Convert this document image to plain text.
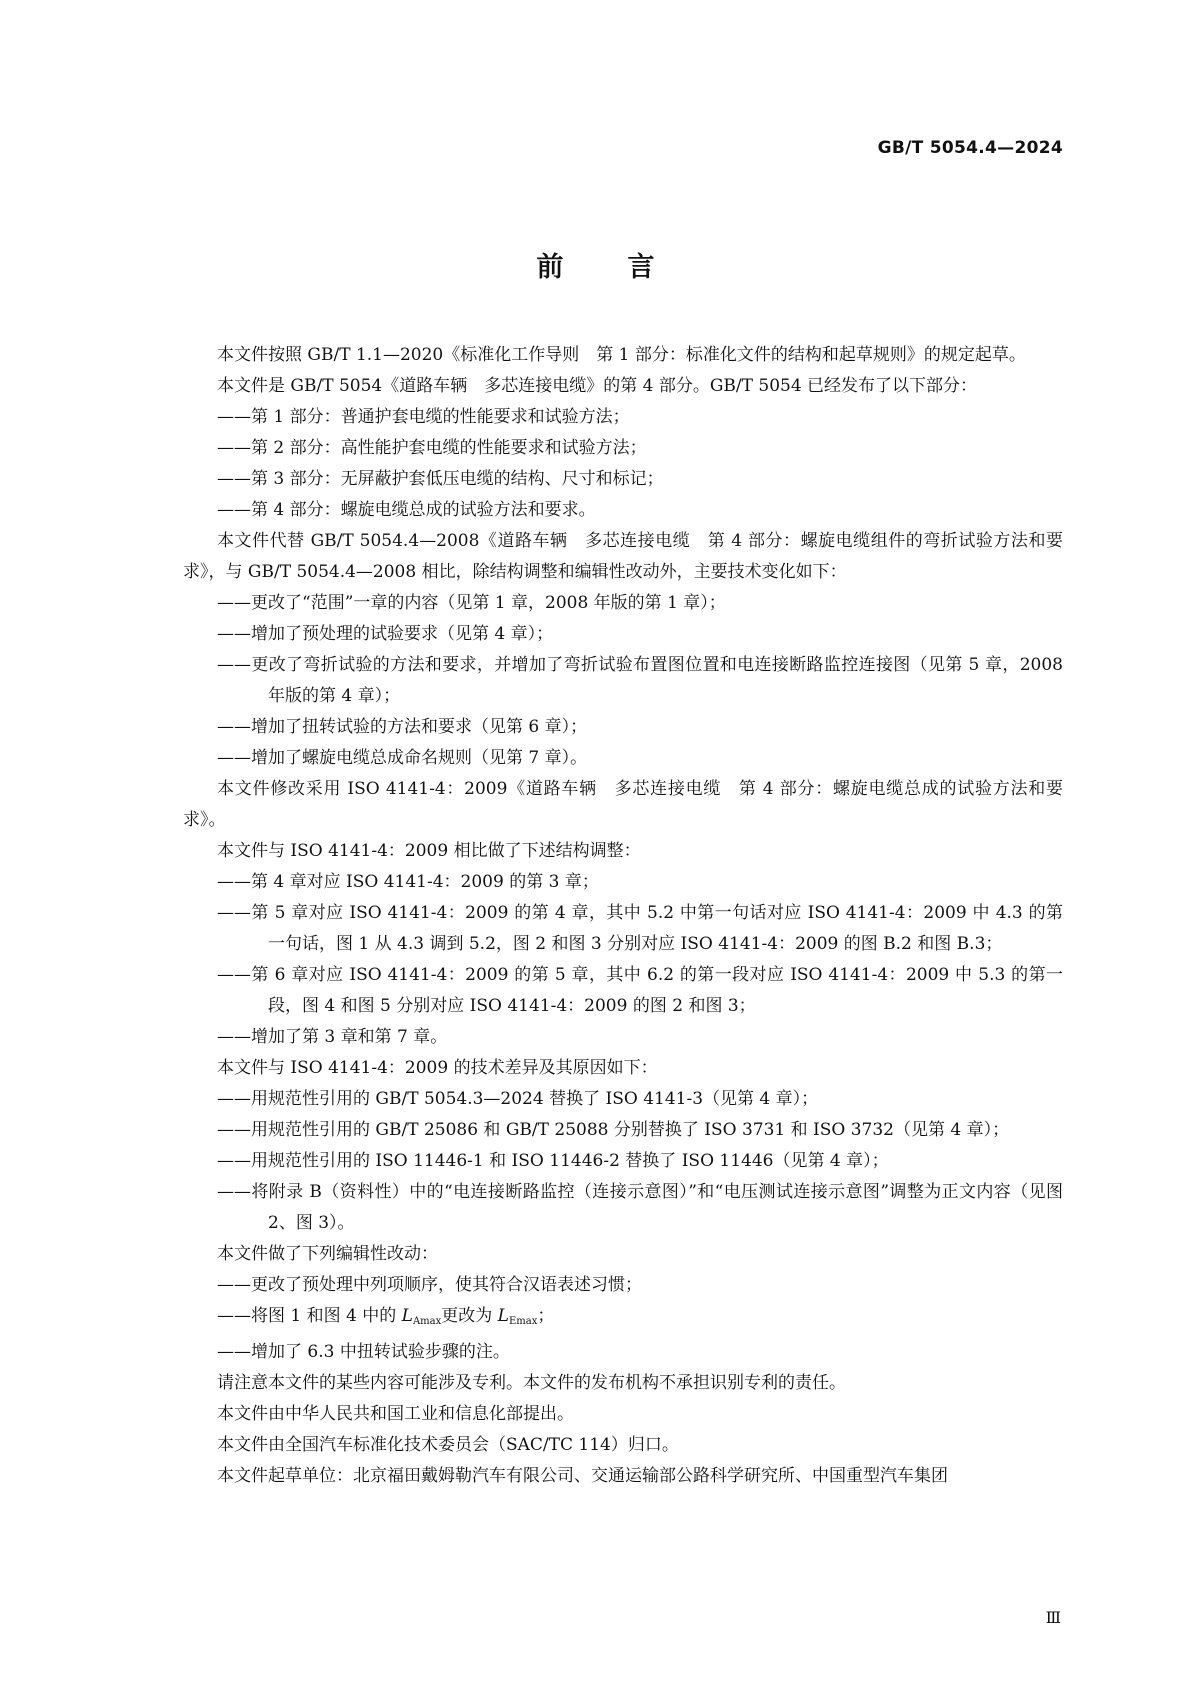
GB/T 5054.4—2024
前 言

本文件按照 GB/T 1.1—2020《标准化工作导则　第 1 部分：标准化文件的结构和起草规则》的规定起草。

本文件是 GB/T 5054《道路车辆　多芯连接电缆》的第 4 部分。GB/T 5054 已经发布了以下部分：

——第 1 部分：普通护套电缆的性能要求和试验方法；

——第 2 部分：高性能护套电缆的性能要求和试验方法；

——第 3 部分：无屏蔽护套低压电缆的结构、尺寸和标记；

——第 4 部分：螺旋电缆总成的试验方法和要求。

本文件代替 GB/T 5054.4—2008《道路车辆　多芯连接电缆　第 4 部分：螺旋电缆组件的弯折试验方法和要求》，与 GB/T 5054.4—2008 相比，除结构调整和编辑性改动外，主要技术变化如下：

——更改了“范围”一章的内容（见第 1 章，2008 年版的第 1 章）；

——增加了预处理的试验要求（见第 4 章）；

——更改了弯折试验的方法和要求，并增加了弯折试验布置图位置和电连接断路监控连接图（见第 5 章，2008 年版的第 4 章）；

——增加了扭转试验的方法和要求（见第 6 章）；

——增加了螺旋电缆总成命名规则（见第 7 章）。

本文件修改采用 ISO 4141-4：2009《道路车辆　多芯连接电缆　第 4 部分：螺旋电缆总成的试验方法和要求》。

本文件与 ISO 4141-4：2009 相比做了下述结构调整：

——第 4 章对应 ISO 4141-4：2009 的第 3 章；

——第 5 章对应 ISO 4141-4：2009 的第 4 章，其中 5.2 中第一句话对应 ISO 4141-4：2009 中 4.3 的第一句话，图 1 从 4.3 调到 5.2，图 2 和图 3 分别对应 ISO 4141-4：2009 的图 B.2 和图 B.3；

——第 6 章对应 ISO 4141-4：2009 的第 5 章，其中 6.2 的第一段对应 ISO 4141-4：2009 中 5.3 的第一段，图 4 和图 5 分别对应 ISO 4141-4：2009 的图 2 和图 3；

——增加了第 3 章和第 7 章。

本文件与 ISO 4141-4：2009 的技术差异及其原因如下：

——用规范性引用的 GB/T 5054.3—2024 替换了 ISO 4141-3（见第 4 章）；

——用规范性引用的 GB/T 25086 和 GB/T 25088 分别替换了 ISO 3731 和 ISO 3732（见第 4 章）；

——用规范性引用的 ISO 11446-1 和 ISO 11446-2 替换了 ISO 11446（见第 4 章）；

——将附录 B（资料性）中的“电连接断路监控（连接示意图）”和“电压测试连接示意图”调整为正文内容（见图 2、图 3）。

本文件做了下列编辑性改动：

——更改了预处理中列项顺序，使其符合汉语表述习惯；

——将图 1 和图 4 中的 $L_{Amax}$更改为 $L_{Emax}$；

——增加了 6.3 中扭转试验步骤的注。

请注意本文件的某些内容可能涉及专利。本文件的发布机构不承担识别专利的责任。

本文件由中华人民共和国工业和信息化部提出。

本文件由全国汽车标准化技术委员会（SAC/TC 114）归口。

本文件起草单位：北京福田戴姆勒汽车有限公司、交通运输部公路科学研究所、中国重型汽车集团

Ⅲ
